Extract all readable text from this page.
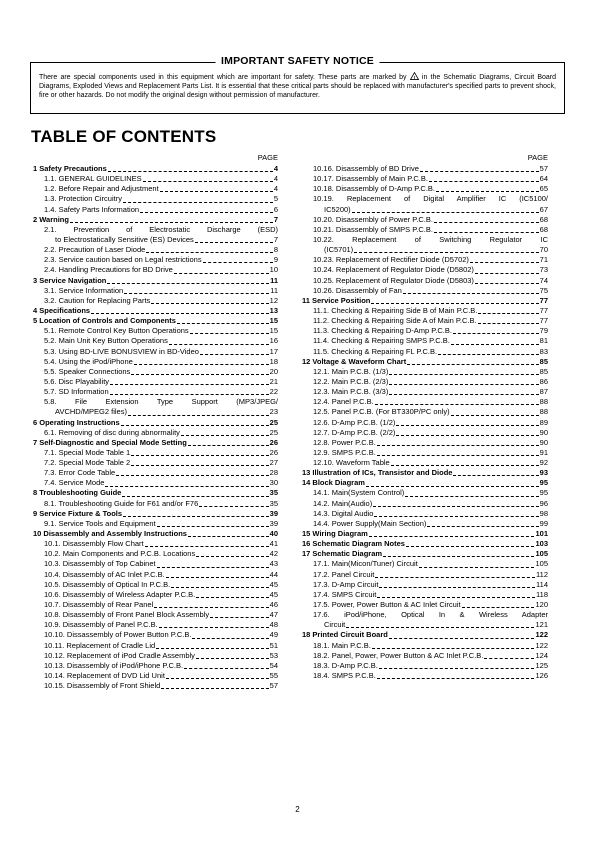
IMPORTANT SAFETY NOTICE
There are special components used in this equipment which are important for safety. These parts are marked by ! in the Schematic Diagrams, Circuit Board Diagrams, Exploded Views and Replacement Parts List. It is essential that these critical parts should be replaced with manufacturer's specified parts to prevent shock, fire or other hazards. Do not modify the original design without permission of manufacturer.
TABLE OF CONTENTS
PAGE
1 Safety Precautions	4
1.1. GENERAL GUIDELINES	4
1.2. Before Repair and Adjustment	4
1.3. Protection Circuitry	5
1.4. Safety Parts Information	6
2 Warning	7
2.1. Prevention of Electrostatic Discharge (ESD)
to Electrostatically Sensitive (ES) Devices	7
2.2. Precaution of Laser Diode	8
2.3. Service caution based on Legal restrictions	9
2.4. Handling Precautions for BD Drive	10
3 Service Navigation	11
3.1. Service Information	11
3.2. Caution for Replacing Parts	12
4 Specifications	13
5 Location of Controls and Components	15
5.1. Remote Control Key Button Operations	15
5.2. Main Unit Key Button Operations	16
5.3. Using BD-LIVE BONUSVIEW in BD-Video	17
5.4. Using the iPod/iPhone	18
5.5. Speaker Connections	20
5.6. Disc Playability	21
5.7. SD Information	22
5.8. File Extension Type Support (MP3/JPEG/
AVCHD/MPEG2 files)	23
6 Operating Instructions	25
6.1. Removing of disc during abnormality	25
7 Self-Diagnostic and Special Mode Setting	26
7.1. Special Mode Table 1	26
7.2. Special Mode Table 2	27
7.3. Error Code Table	28
7.4. Service Mode	30
8 Troubleshooting Guide	35
8.1. Troubleshooting Guide for F61 and/or F76	35
9 Service Fixture & Tools	39
9.1. Service Tools and Equipment	39
10 Disassembly and Assembly Instructions	40
10.1. Disassembly Flow Chart	41
10.2. Main Components and P.C.B. Locations	42
10.3. Disassembly of Top Cabinet	43
10.4. Disassembly of AC Inlet P.C.B.	44
10.5. Disassembly of Optical In P.C.B.	45
10.6. Disassembly of Wireless Adapter P.C.B.	45
10.7. Disassembly of Rear Panel	46
10.8. Disassembly of Front Panel Block Assembly	47
10.9. Disassembly of Panel P.C.B.	48
10.10. Dissassembly of Power Button P.C.B.	49
10.11. Replacement of Cradle Lid	51
10.12. Replacement of iPod Cradle Assembly	53
10.13. Disassembly of iPod/iPhone P.C.B.	54
10.14. Replacement of DVD Lid Unit	55
10.15. Disassembly of Front Shield	57
PAGE
10.16. Disassembly of BD Drive	57
10.17. Disassembly of Main P.C.B.	64
10.18. Disassembly of D-Amp P.C.B.	65
10.19. Replacement of Digital Amplifier IC (IC5100/
IC5200)	67
10.20. Disassembly of Power P.C.B.	68
10.21. Disassembly of SMPS P.C.B.	68
10.22. Replacement of Switching Regulator IC
(IC5701)	70
10.23. Replacement of Rectifier Diode (D5702)	71
10.24. Replacement of Regulator Diode (D5802)	73
10.25. Replacement of Regulator Diode (D5803)	74
10.26. Disassembly of Fan	75
11 Service Position	77
11.1. Checking & Repairing Side B of Main P.C.B.	77
11.2. Checking & Repairing Side A of Main P.C.B.	77
11.3. Checking & Repairing D-Amp P.C.B.	79
11.4. Checking & Repairing SMPS P.C.B.	81
11.5. Checking & Repairing FL P.C.B.	83
12 Voltage & Waveform Chart	85
12.1. Main P.C.B. (1/3)	85
12.2. Main P.C.B. (2/3)	86
12.3. Main P.C.B. (3/3)	87
12.4. Panel P.C.B.	88
12.5. Panel P.C.B. (For BT330P/PC only)	88
12.6. D-Amp P.C.B. (1/2)	89
12.7. D-Amp P.C.B. (2/2)	90
12.8. Power P.C.B.	90
12.9. SMPS P.C.B.	91
12.10. Waveform Table	92
13 Illustration of ICs, Transistor and Diode	93
14 Block Diagram	95
14.1. Main(System Control)	95
14.2. Main(Audio)	96
14.3. Digital Audio	98
14.4. Power Supply(Main Section)	99
15 Wiring Diagram	101
16 Schematic Diagram Notes	103
17 Schematic Diagram	105
17.1. Main(Micon/Tuner) Circuit	105
17.2. Panel Circuit	112
17.3. D-Amp Circuit	114
17.4. SMPS Circuit	118
17.5. Power, Power Button & AC Inlet Circuit	120
17.6. iPod/iPhone, Optical In & Wireless Adapter
Circuit	121
18 Printed Circuit Board	122
18.1. Main P.C.B.	122
18.2. Panel, Power, Power Button & AC Inlet P.C.B.	124
18.3. D-Amp P.C.B.	125
18.4. SMPS P.C.B.	126
2
